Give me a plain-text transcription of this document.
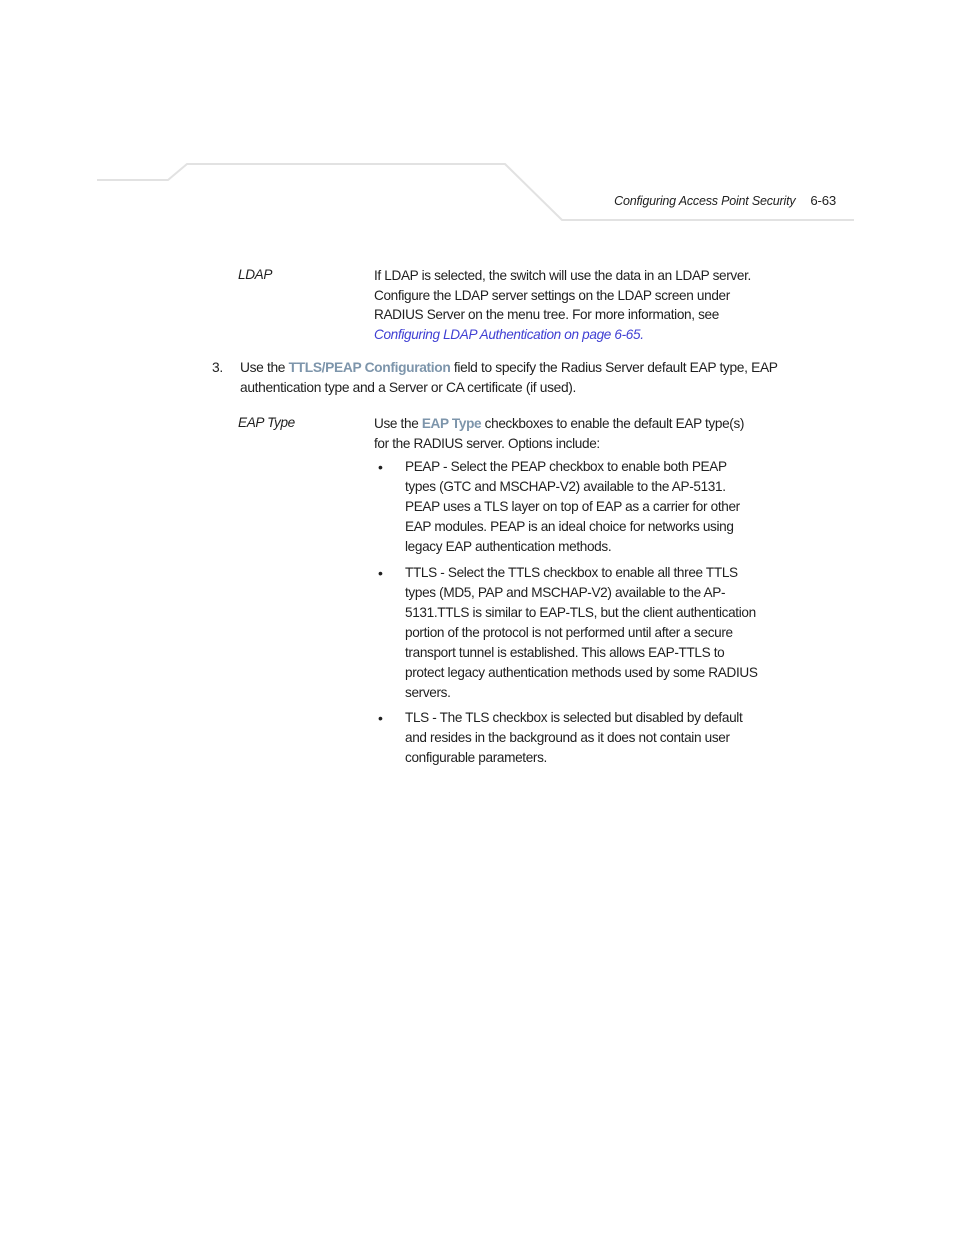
Configuring Access Point Security 6-63
LDAP	If LDAP is selected, the switch will use the data in an LDAP server. Configure the LDAP server settings on the LDAP screen under RADIUS Server on the menu tree. For more information, see Configuring LDAP Authentication on page 6-65.
3.	Use the TTLS/PEAP Configuration field to specify the Radius Server default EAP type, EAP authentication type and a Server or CA certificate (if used).
EAP Type	Use the EAP Type checkboxes to enable the default EAP type(s) for the RADIUS server. Options include:
• PEAP - Select the PEAP checkbox to enable both PEAP types (GTC and MSCHAP-V2) available to the AP-5131. PEAP uses a TLS layer on top of EAP as a carrier for other EAP modules. PEAP is an ideal choice for networks using legacy EAP authentication methods.
• TTLS - Select the TTLS checkbox to enable all three TTLS types (MD5, PAP and MSCHAP-V2) available to the AP-5131.TTLS is similar to EAP-TLS, but the client authentication portion of the protocol is not performed until after a secure transport tunnel is established. This allows EAP-TTLS to protect legacy authentication methods used by some RADIUS servers.
• TLS - The TLS checkbox is selected but disabled by default and resides in the background as it does not contain user configurable parameters.
